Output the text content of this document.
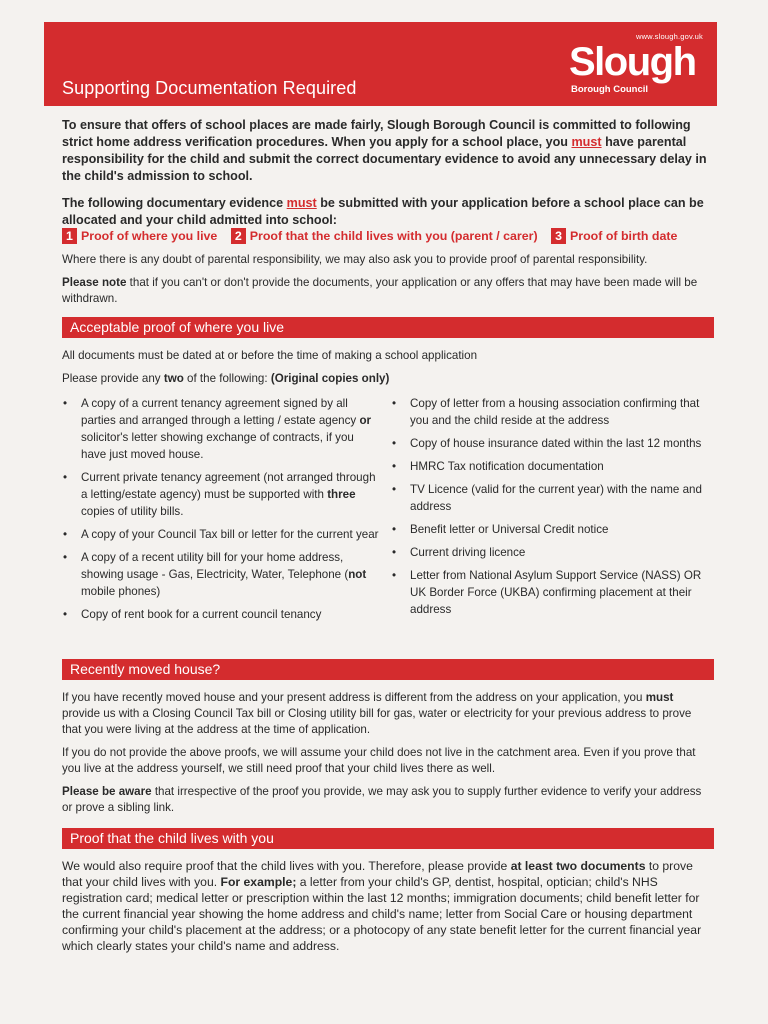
Supporting Documentation Required
www.slough.gov.uk
Slough
Borough Council

To ensure that offers of school places are made fairly, Slough Borough Council is committed to following strict home address verification procedures. When you apply for a school place, you must have parental responsibility for the child and submit the correct documentary evidence to avoid any unnecessary delay in the child's admission to school.

The following documentary evidence must be submitted with your application before a school place can be allocated and your child admitted into school:

1 Proof of where you live 2 Proof that the child lives with you (parent / carer) 3 Proof of birth date

Where there is any doubt of parental responsibility, we may also ask you to provide proof of parental responsibility.

Please note that if you can't or don't provide the documents, your application or any offers that may have been made will be withdrawn.

Acceptable proof of where you live

All documents must be dated at or before the time of making a school application

Please provide any two of the following: (Original copies only)

• A copy of a current tenancy agreement signed by all parties and arranged through a letting / estate agency or solicitor's letter showing exchange of contracts, if you have just moved house.
• Current private tenancy agreement (not arranged through a letting/estate agency) must be supported with three copies of utility bills.
• A copy of your Council Tax bill or letter for the current year
• A copy of a recent utility bill for your home address, showing usage - Gas, Electricity, Water, Telephone (not mobile phones)
• Copy of rent book for a current council tenancy
• Copy of letter from a housing association confirming that you and the child reside at the address
• Copy of house insurance dated within the last 12 months
• HMRC Tax notification documentation
• TV Licence (valid for the current year) with the name and address
• Benefit letter or Universal Credit notice
• Current driving licence
• Letter from National Asylum Support Service (NASS) OR UK Border Force (UKBA) confirming placement at their address
Recently moved house?

If you have recently moved house and your present address is different from the address on your application, you must provide us with a Closing Council Tax bill or Closing utility bill for gas, water or electricity for your previous address to prove that you were living at the address at the time of application.

If you do not provide the above proofs, we will assume your child does not live in the catchment area. Even if you prove that you live at the address yourself, we still need proof that your child lives there as well.

Please be aware that irrespective of the proof you provide, we may ask you to supply further evidence to verify your address or prove a sibling link.

Proof that the child lives with you

We would also require proof that the child lives with you. Therefore, please provide at least two documents to prove that your child lives with you. For example; a letter from your child's GP, dentist, hospital, optician; child's NHS registration card; medical letter or prescription within the last 12 months; immigration documents; child benefit letter for the current financial year showing the home address and child's name; letter from Social Care or housing department confirming your child's placement at the address; or a photocopy of any state benefit letter for the current financial year which clearly states your child's name and address.
